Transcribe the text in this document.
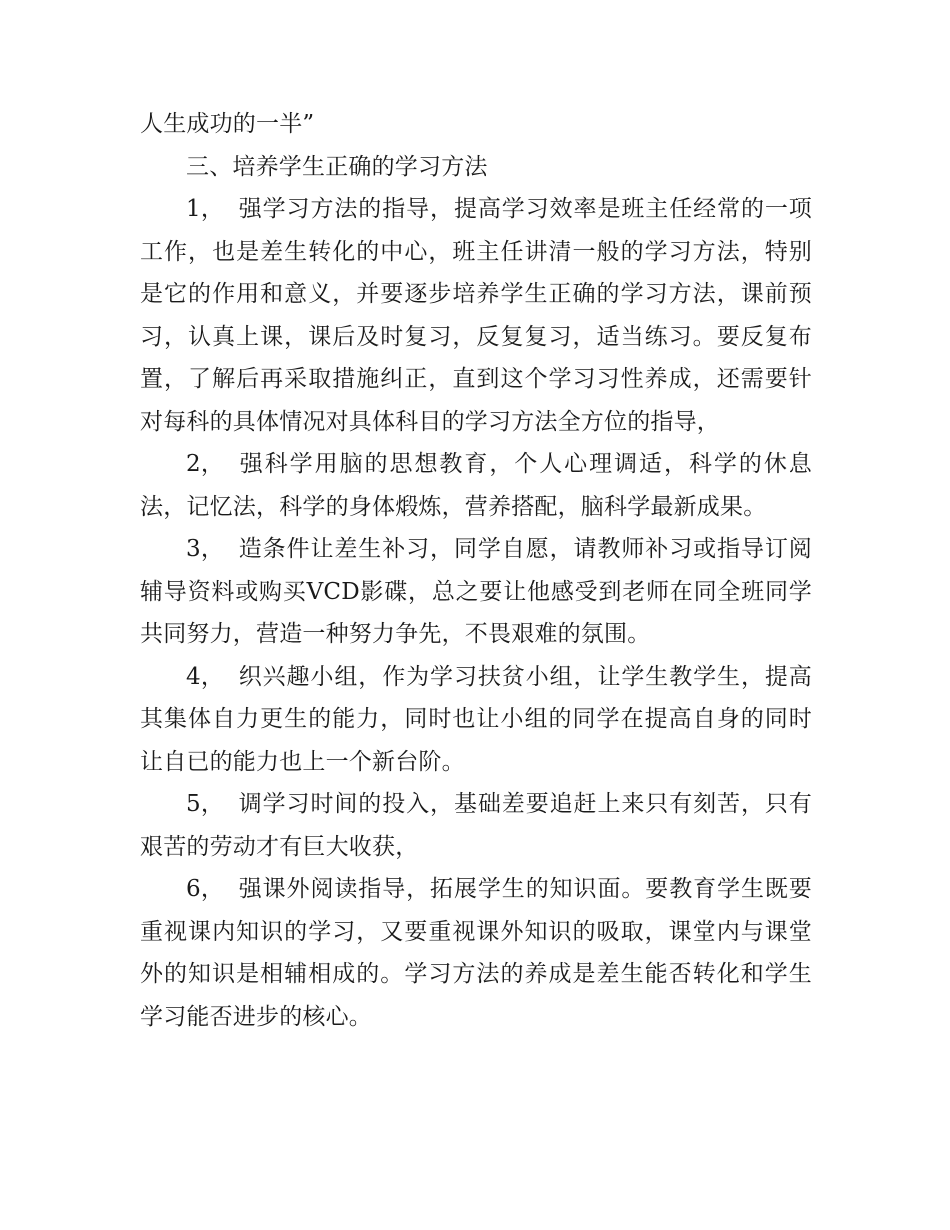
人生成功的一半”

三、培养学生正确的学习方法

1， 强学习方法的指导，提高学习效率是班主任经常的一项工作，也是差生转化的中心，班主任讲清一般的学习方法，特别是它的作用和意义，并要逐步培养学生正确的学习方法，课前预习，认真上课，课后及时复习，反复复习，适当练习。要反复布置，了解后再采取措施纠正，直到这个学习习性养成，还需要针对每科的具体情况对具体科目的学习方法全方位的指导，

2， 强科学用脑的思想教育，个人心理调适，科学的休息法，记忆法，科学的身体煅炼，营养搭配，脑科学最新成果。

3， 造条件让差生补习，同学自愿，请教师补习或指导订阅辅导资料或购买VCD影碟，总之要让他感受到老师在同全班同学共同努力，营造一种努力争先，不畏艰难的氛围。

4， 织兴趣小组，作为学习扶贫小组，让学生教学生，提高其集体自力更生的能力，同时也让小组的同学在提高自身的同时让自已的能力也上一个新台阶。

5， 调学习时间的投入，基础差要追赶上来只有刻苦，只有艰苦的劳动才有巨大收获，

6， 强课外阅读指导，拓展学生的知识面。要教育学生既要重视课内知识的学习，又要重视课外知识的吸取，课堂内与课堂外的知识是相辅相成的。学习方法的养成是差生能否转化和学生学习能否进步的核心。
